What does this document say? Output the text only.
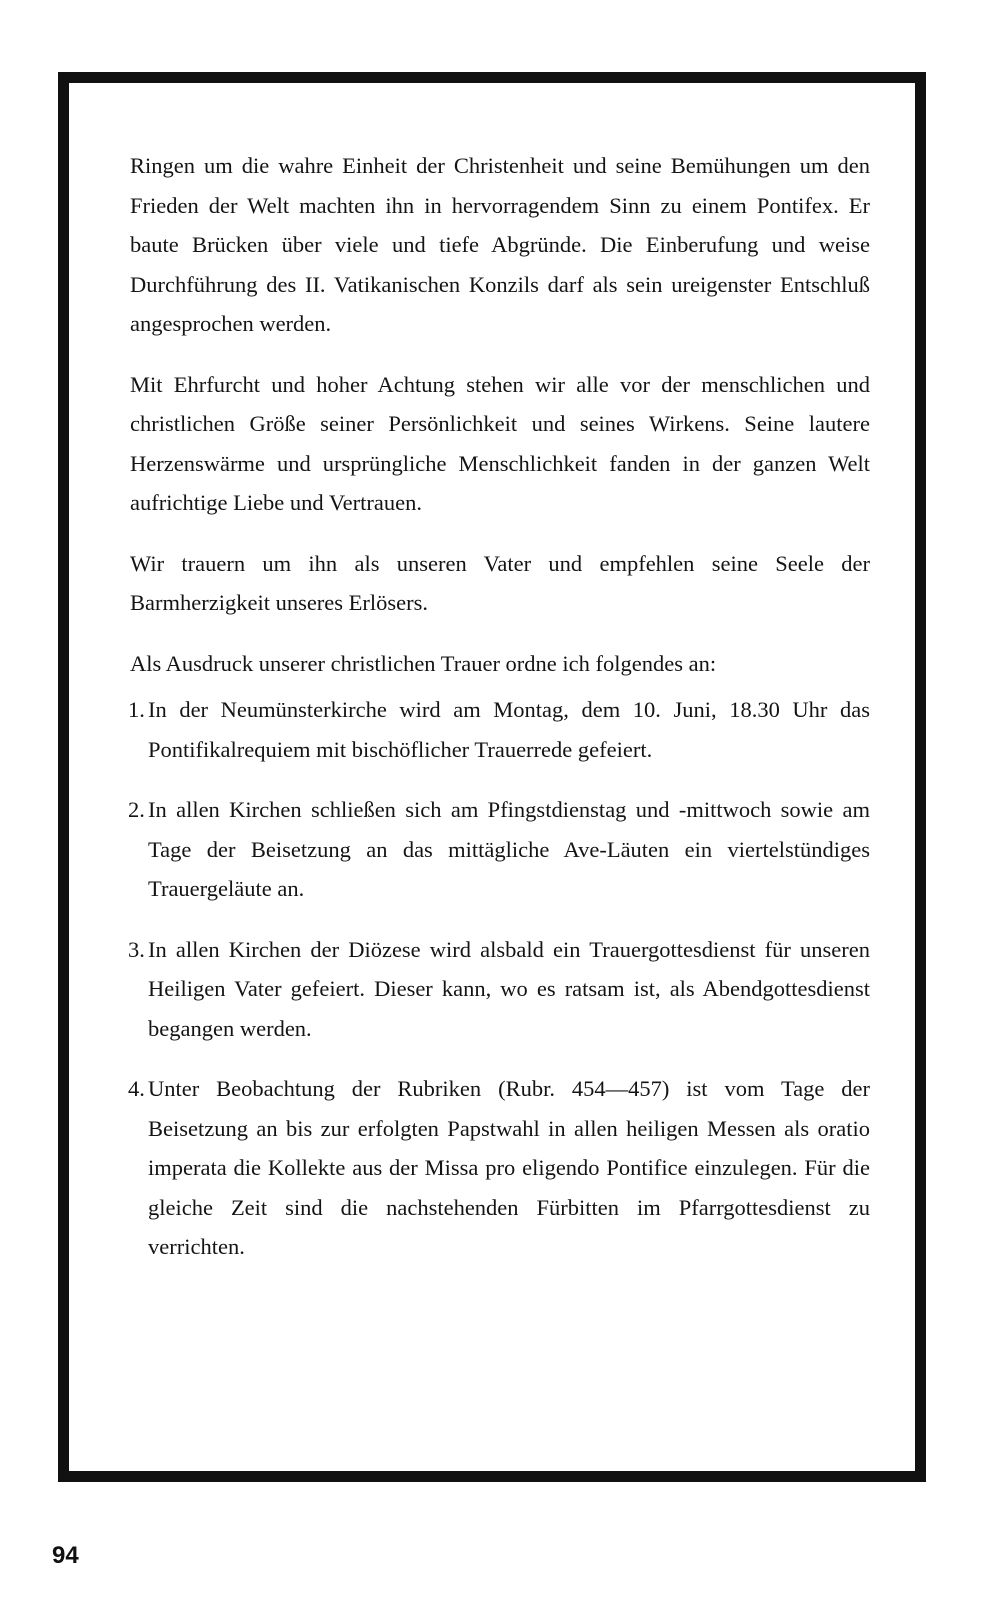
Ringen um die wahre Einheit der Christenheit und seine Bemühungen um den Frieden der Welt machten ihn in hervorragendem Sinn zu einem Pontifex. Er baute Brücken über viele und tiefe Abgründe. Die Einberufung und weise Durchführung des II. Vatikanischen Konzils darf als sein ureigenster Entschluß angesprochen werden.

Mit Ehrfurcht und hoher Achtung stehen wir alle vor der menschlichen und christlichen Größe seiner Persönlichkeit und seines Wirkens. Seine lautere Herzenswärme und ursprüngliche Menschlichkeit fanden in der ganzen Welt aufrichtige Liebe und Vertrauen.

Wir trauern um ihn als unseren Vater und empfehlen seine Seele der Barmherzigkeit unseres Erlösers.

Als Ausdruck unserer christlichen Trauer ordne ich folgendes an:

1. In der Neumünsterkirche wird am Montag, dem 10. Juni, 18.30 Uhr das Pontifikalrequiem mit bischöflicher Trauerrede gefeiert.
2. In allen Kirchen schließen sich am Pfingstdienstag und -mittwoch sowie am Tage der Beisetzung an das mittägliche Ave-Läuten ein viertelstündiges Trauergeläute an.
3. In allen Kirchen der Diözese wird alsbald ein Trauergottesdienst für unseren Heiligen Vater gefeiert. Dieser kann, wo es ratsam ist, als Abendgottesdienst begangen werden.
4. Unter Beobachtung der Rubriken (Rubr. 454—457) ist vom Tage der Beisetzung an bis zur erfolgten Papstwahl in allen heiligen Messen als oratio imperata die Kollekte aus der Missa pro eligendo Pontifice einzulegen. Für die gleiche Zeit sind die nachstehenden Fürbitten im Pfarrgottesdienst zu verrichten.
94
